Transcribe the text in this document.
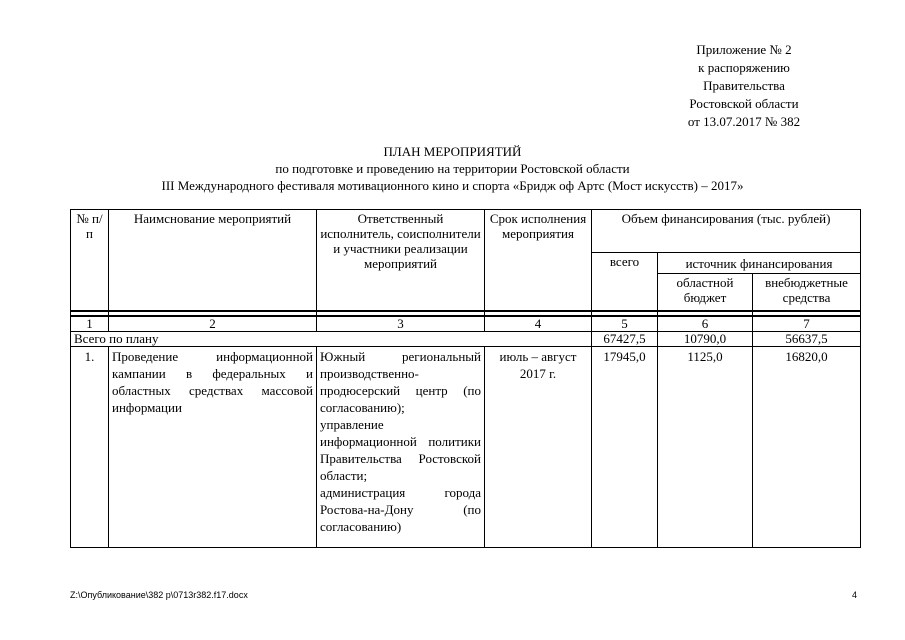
Приложение № 2
к распоряжению
Правительства
Ростовской области
от 13.07.2017 № 382
ПЛАН МЕРОПРИЯТИЙ
по подготовке и проведению на территории Ростовской области
III Международного фестиваля мотивационного кино и спорта «Бридж оф Артс (Мост искусств) – 2017»
№ п/п	Наимснование мероприятий	Ответственный исполнитель, соисполнители и участники реализации мероприятий	Срок исполнения мероприятия	Объем финансирования (тыс. рублей)		
				всего	источник финансирования	
					областной бюджет	внебюджетные средства

1	2	3	4	5	6	7
Всего по плану				67427,5	10790,0	56637,5
1.	Проведение информационной кампании в федеральных и областных средствах массовой информации	Южный региональный производственно-продюсерский центр (по согласованию);
управление информационной политики Правительства Ростовской области;
администрация города Ростова-на-Дону (по согласованию)	июль – август 2017 г.	17945,0	1125,0	16820,0
Z:\Опубликование\382 р\0713r382.f17.docx	4
